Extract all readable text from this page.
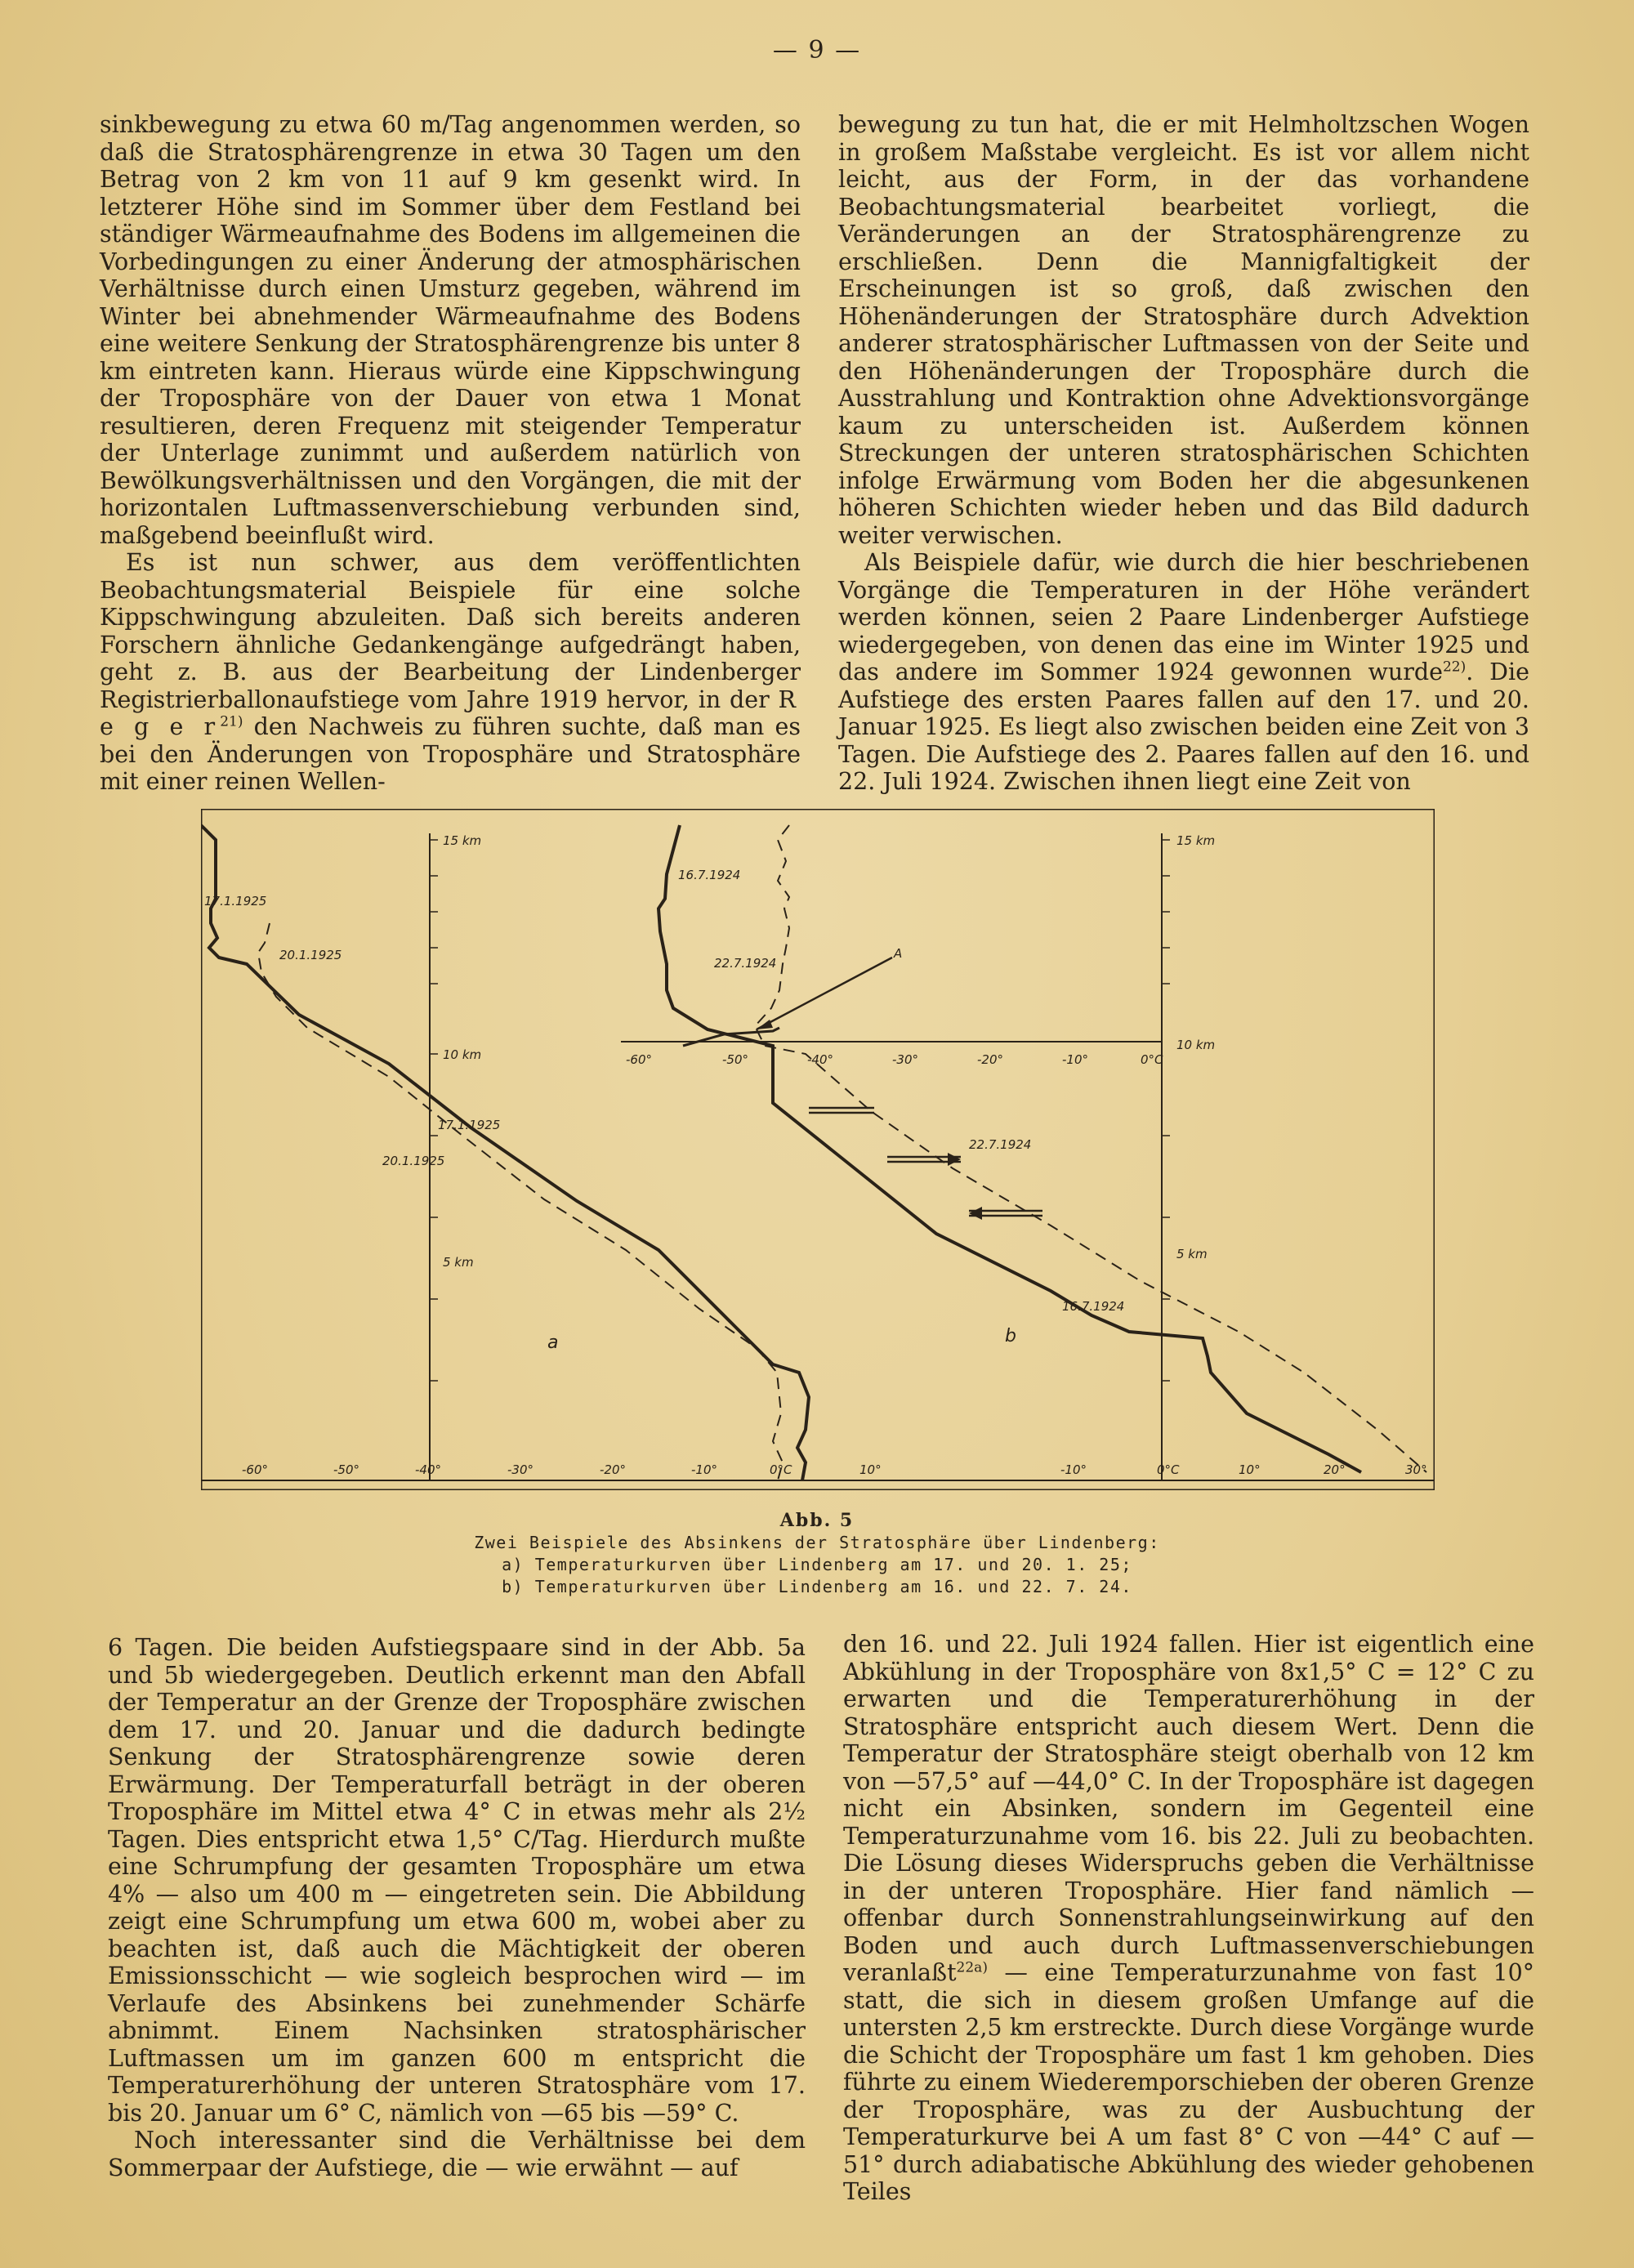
— 9 —

sinkbewegung zu etwa 60 m/Tag angenommen werden, so daß die Stratosphärengrenze in etwa 30 Tagen um den Betrag von 2 km von 11 auf 9 km gesenkt wird. In letzterer Höhe sind im Sommer über dem Festland bei ständiger Wärmeaufnahme des Bodens im allgemeinen die Vorbedingungen zu einer Änderung der atmosphärischen Verhältnisse durch einen Umsturz gegeben, während im Winter bei abnehmender Wärmeaufnahme des Bodens eine weitere Senkung der Stratosphärengrenze bis unter 8 km eintreten kann. Hieraus würde eine Kippschwingung der Troposphäre von der Dauer von etwa 1 Monat resultieren, deren Frequenz mit steigender Temperatur der Unterlage zunimmt und außerdem natürlich von Bewölkungsverhältnissen und den Vorgängen, die mit der horizontalen Luftmassenverschiebung verbunden sind, maßgebend beeinflußt wird.

Es ist nun schwer, aus dem veröffentlichten Beobachtungsmaterial Beispiele für eine solche Kippschwingung abzuleiten. Daß sich bereits anderen Forschern ähnliche Gedankengänge aufgedrängt haben, geht z. B. aus der Bearbeitung der Lindenberger Registrierballonaufstiege vom Jahre 1919 hervor, in der R e g e $r^{21)}$ den Nachweis zu führen suchte, daß man es bei den Änderungen von Troposphäre und Stratosphäre mit einer reinen Wellen-

bewegung zu tun hat, die er mit Helmholtzschen Wogen in großem Maßstabe vergleicht. Es ist vor allem nicht leicht, aus der Form, in der das vorhandene Beobachtungsmaterial bearbeitet vorliegt, die Veränderungen an der Stratosphärengrenze zu erschließen. Denn die Mannigfaltigkeit der Erscheinungen ist so groß, daß zwischen den Höhenänderungen der Stratosphäre durch Advektion anderer stratosphärischer Luftmassen von der Seite und den Höhenänderungen der Troposphäre durch die Ausstrahlung und Kontraktion ohne Advektionsvorgänge kaum zu unterscheiden ist. Außerdem können Streckungen der unteren stratosphärischen Schichten infolge Erwärmung vom Boden her die abgesunkenen höheren Schichten wieder heben und das Bild dadurch weiter verwischen.

Als Beispiele dafür, wie durch die hier beschriebenen Vorgänge die Temperaturen in der Höhe verändert werden können, seien 2 Paare Lindenberger Aufstiege wiedergegeben, von denen das eine im Winter 1925 und das andere im Sommer 1924 gewonnen wurde$^{22)}$. Die Aufstiege des ersten Paares fallen auf den 17. und 20. Januar 1925. Es liegt also zwischen beiden eine Zeit von 3 Tagen. Die Aufstiege des 2. Paares fallen auf den 16. und 22. Juli 1924. Zwischen ihnen liegt eine Zeit von

15 km
10 km
5 km
-60°	-50°	-40°	-30°	-20°	-10°	0°C	10°
17.1.1925
20.1.1925
17.1.1925
20.1.1925
a
15 km
10 km
5 km
-60°	-50°	-40°	-30°	-20°	-10°	0°C
-10°	0°C	10°	20°	30°
A
16.7.1924
22.7.1924
22.7.1924
16.7.1924
b
Abb. 5
Zwei Beispiele des Absinkens der Stratosphäre über Lindenberg:
a) Temperaturkurven über Lindenberg am 17. und 20. 1. 25;
b) Temperaturkurven über Lindenberg am 16. und 22. 7. 24.

6 Tagen. Die beiden Aufstiegspaare sind in der Abb. 5a und 5b wiedergegeben. Deutlich erkennt man den Abfall der Temperatur an der Grenze der Troposphäre zwischen dem 17. und 20. Januar und die dadurch bedingte Senkung der Stratosphärengrenze sowie deren Erwärmung. Der Temperaturfall beträgt in der oberen Troposphäre im Mittel etwa 4° C in etwas mehr als 2½ Tagen. Dies entspricht etwa 1,5° C/Tag. Hierdurch mußte eine Schrumpfung der gesamten Troposphäre um etwa 4% — also um 400 m — eingetreten sein. Die Abbildung zeigt eine Schrumpfung um etwa 600 m, wobei aber zu beachten ist, daß auch die Mächtigkeit der oberen Emissionsschicht — wie sogleich besprochen wird — im Verlaufe des Absinkens bei zunehmender Schärfe abnimmt. Einem Nachsinken stratosphärischer Luftmassen um im ganzen 600 m entspricht die Temperaturerhöhung der unteren Stratosphäre vom 17. bis 20. Januar um 6° C, nämlich von —65 bis —59° C.

Noch interessanter sind die Verhältnisse bei dem Sommerpaar der Aufstiege, die — wie erwähnt — auf

den 16. und 22. Juli 1924 fallen. Hier ist eigentlich eine Abkühlung in der Troposphäre von 8x1,5° C = 12° C zu erwarten und die Temperaturerhöhung in der Stratosphäre entspricht auch diesem Wert. Denn die Temperatur der Stratosphäre steigt oberhalb von 12 km von —57,5° auf —44,0° C. In der Troposphäre ist dagegen nicht ein Absinken, sondern im Gegenteil eine Temperaturzunahme vom 16. bis 22. Juli zu beobachten. Die Lösung dieses Widerspruchs geben die Verhältnisse in der unteren Troposphäre. Hier fand nämlich — offenbar durch Sonnenstrahlungseinwirkung auf den Boden und auch durch Luftmassenverschiebungen veranlaßt$^{22a)}$ — eine Temperaturzunahme von fast 10° statt, die sich in diesem großen Umfange auf die untersten 2,5 km erstreckte. Durch diese Vorgänge wurde die Schicht der Troposphäre um fast 1 km gehoben. Dies führte zu einem Wiederemporschieben der oberen Grenze der Troposphäre, was zu der Ausbuchtung der Temperaturkurve bei A um fast 8° C von —44° C auf —51° durch adiabatische Abkühlung des wieder gehobenen Teiles
